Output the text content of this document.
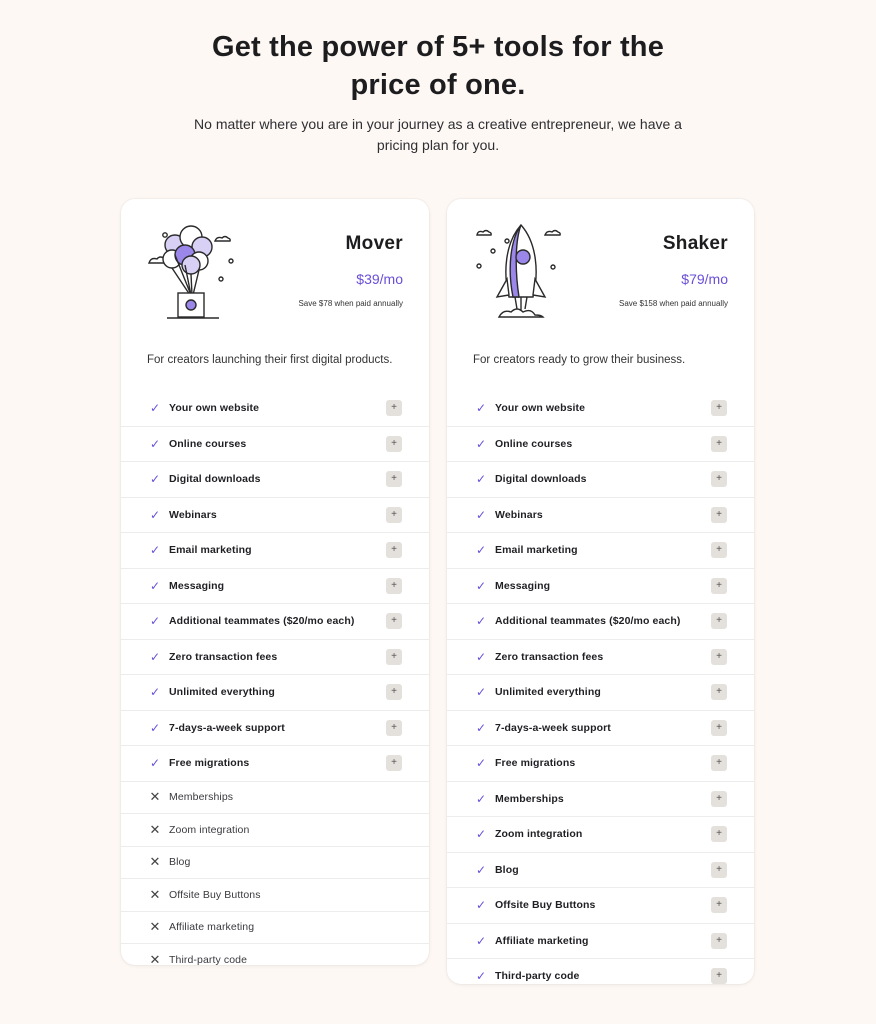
Get the power of 5+ tools for the
price of one.
No matter where you are in your journey as a creative entrepreneur, we have a pricing plan for you.
Mover
$39/mo
Save $78 when paid annually
For creators launching their first digital products.
✓ Your own website	+
✓ Online courses	+
✓ Digital downloads	+
✓ Webinars	+
✓ Email marketing	+
✓ Messaging	+
✓ Additional teammates ($20/mo each)	+
✓ Zero transaction fees	+
✓ Unlimited everything	+
✓ 7-days-a-week support	+
✓ Free migrations	+
✕ Memberships
✕ Zoom integration
✕ Blog
✕ Offsite Buy Buttons
✕ Affiliate marketing
✕ Third-party code
Shaker
$79/mo
Save $158 when paid annually
For creators ready to grow their business.
✓ Your own website	+
✓ Online courses	+
✓ Digital downloads	+
✓ Webinars	+
✓ Email marketing	+
✓ Messaging	+
✓ Additional teammates ($20/mo each)	+
✓ Zero transaction fees	+
✓ Unlimited everything	+
✓ 7-days-a-week support	+
✓ Free migrations	+
✓ Memberships	+
✓ Zoom integration	+
✓ Blog	+
✓ Offsite Buy Buttons	+
✓ Affiliate marketing	+
✓ Third-party code	+
